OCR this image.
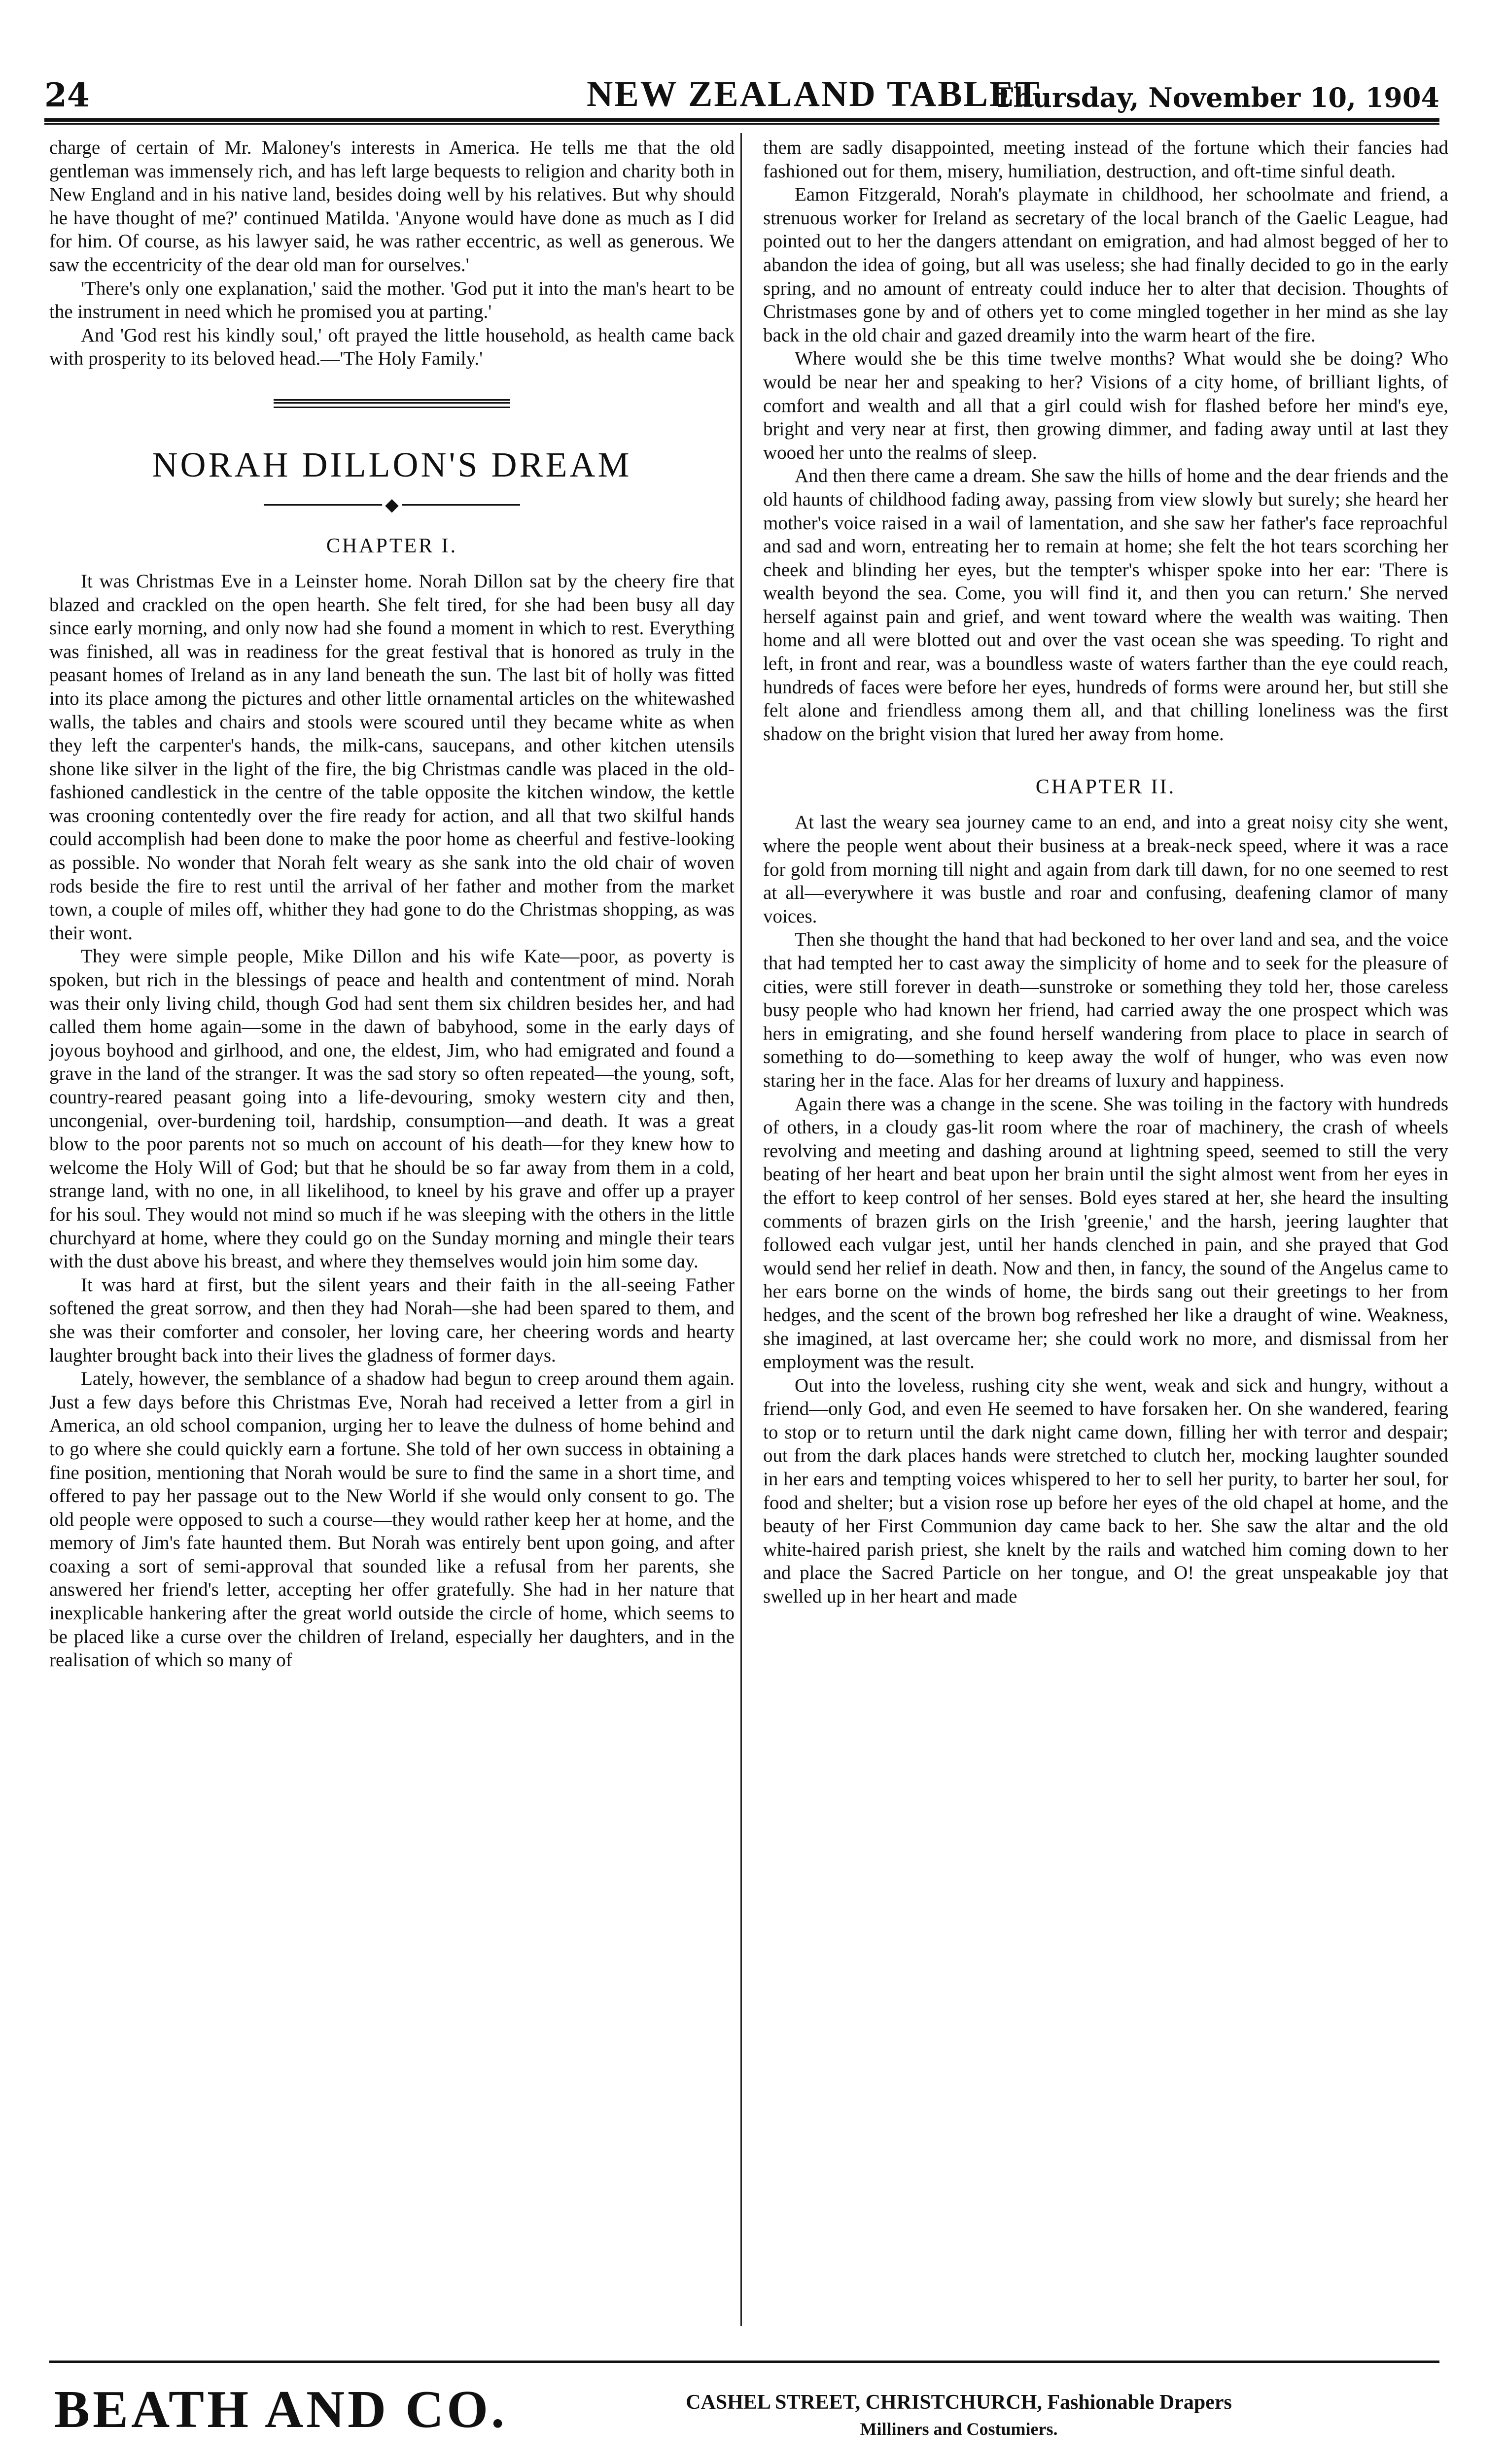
24	NEW ZEALAND TABLET
Thursday, November 10, 1904

charge of certain of Mr. Maloney's interests in America. He tells me that the old gentleman was immensely rich, and has left large bequests to religion and charity both in New England and in his native land, besides doing well by his relatives. But why should he have thought of me?' continued Matilda. 'Anyone would have done as much as I did for him. Of course, as his lawyer said, he was rather eccentric, as well as generous. We saw the eccentricity of the dear old man for ourselves.'

'There's only one explanation,' said the mother. 'God put it into the man's heart to be the instrument in need which he promised you at parting.'

And 'God rest his kindly soul,' oft prayed the little household, as health came back with prosperity to its beloved head.—'The Holy Family.'

NORAH DILLON'S DREAM
◆
CHAPTER I.

It was Christmas Eve in a Leinster home. Norah Dillon sat by the cheery fire that blazed and crackled on the open hearth. She felt tired, for she had been busy all day since early morning, and only now had she found a moment in which to rest. Everything was finished, all was in readiness for the great festival that is honored as truly in the peasant homes of Ireland as in any land beneath the sun. The last bit of holly was fitted into its place among the pictures and other little ornamental articles on the whitewashed walls, the tables and chairs and stools were scoured until they became white as when they left the carpenter's hands, the milk-cans, saucepans, and other kitchen utensils shone like silver in the light of the fire, the big Christmas candle was placed in the old-fashioned candlestick in the centre of the table opposite the kitchen window, the kettle was crooning contentedly over the fire ready for action, and all that two skilful hands could accomplish had been done to make the poor home as cheerful and festive-looking as possible. No wonder that Norah felt weary as she sank into the old chair of woven rods beside the fire to rest until the arrival of her father and mother from the market town, a couple of miles off, whither they had gone to do the Christmas shopping, as was their wont.

They were simple people, Mike Dillon and his wife Kate—poor, as poverty is spoken, but rich in the blessings of peace and health and contentment of mind. Norah was their only living child, though God had sent them six children besides her, and had called them home again—some in the dawn of babyhood, some in the early days of joyous boyhood and girlhood, and one, the eldest, Jim, who had emigrated and found a grave in the land of the stranger. It was the sad story so often repeated—the young, soft, country-reared peasant going into a life-devouring, smoky western city and then, uncongenial, over-burdening toil, hardship, consumption—and death. It was a great blow to the poor parents not so much on account of his death—for they knew how to welcome the Holy Will of God; but that he should be so far away from them in a cold, strange land, with no one, in all likelihood, to kneel by his grave and offer up a prayer for his soul. They would not mind so much if he was sleeping with the others in the little churchyard at home, where they could go on the Sunday morning and mingle their tears with the dust above his breast, and where they themselves would join him some day.

It was hard at first, but the silent years and their faith in the all-seeing Father softened the great sorrow, and then they had Norah—she had been spared to them, and she was their comforter and consoler, her loving care, her cheering words and hearty laughter brought back into their lives the gladness of former days.

Lately, however, the semblance of a shadow had begun to creep around them again. Just a few days before this Christmas Eve, Norah had received a letter from a girl in America, an old school companion, urging her to leave the dulness of home behind and to go where she could quickly earn a fortune. She told of her own success in obtaining a fine position, mentioning that Norah would be sure to find the same in a short time, and offered to pay her passage out to the New World if she would only consent to go. The old people were opposed to such a course—they would rather keep her at home, and the memory of Jim's fate haunted them. But Norah was entirely bent upon going, and after coaxing a sort of semi-approval that sounded like a refusal from her parents, she answered her friend's letter, accepting her offer gratefully. She had in her nature that inexplicable hankering after the great world outside the circle of home, which seems to be placed like a curse over the children of Ireland, especially her daughters, and in the realisation of which so many of

them are sadly disappointed, meeting instead of the fortune which their fancies had fashioned out for them, misery, humiliation, destruction, and oft-time sinful death.

Eamon Fitzgerald, Norah's playmate in childhood, her schoolmate and friend, a strenuous worker for Ireland as secretary of the local branch of the Gaelic League, had pointed out to her the dangers attendant on emigration, and had almost begged of her to abandon the idea of going, but all was useless; she had finally decided to go in the early spring, and no amount of entreaty could induce her to alter that decision. Thoughts of Christmases gone by and of others yet to come mingled together in her mind as she lay back in the old chair and gazed dreamily into the warm heart of the fire.

Where would she be this time twelve months? What would she be doing? Who would be near her and speaking to her? Visions of a city home, of brilliant lights, of comfort and wealth and all that a girl could wish for flashed before her mind's eye, bright and very near at first, then growing dimmer, and fading away until at last they wooed her unto the realms of sleep.

And then there came a dream. She saw the hills of home and the dear friends and the old haunts of childhood fading away, passing from view slowly but surely; she heard her mother's voice raised in a wail of lamentation, and she saw her father's face reproachful and sad and worn, entreating her to remain at home; she felt the hot tears scorching her cheek and blinding her eyes, but the tempter's whisper spoke into her ear: 'There is wealth beyond the sea. Come, you will find it, and then you can return.' She nerved herself against pain and grief, and went toward where the wealth was waiting. Then home and all were blotted out and over the vast ocean she was speeding. To right and left, in front and rear, was a boundless waste of waters farther than the eye could reach, hundreds of faces were before her eyes, hundreds of forms were around her, but still she felt alone and friendless among them all, and that chilling loneliness was the first shadow on the bright vision that lured her away from home.

CHAPTER II.

At last the weary sea journey came to an end, and into a great noisy city she went, where the people went about their business at a break-neck speed, where it was a race for gold from morning till night and again from dark till dawn, for no one seemed to rest at all—everywhere it was bustle and roar and confusing, deafening clamor of many voices.

Then she thought the hand that had beckoned to her over land and sea, and the voice that had tempted her to cast away the simplicity of home and to seek for the pleasure of cities, were still forever in death—sunstroke or something they told her, those careless busy people who had known her friend, had carried away the one prospect which was hers in emigrating, and she found herself wandering from place to place in search of something to do—something to keep away the wolf of hunger, who was even now staring her in the face. Alas for her dreams of luxury and happiness.

Again there was a change in the scene. She was toiling in the factory with hundreds of others, in a cloudy gas-lit room where the roar of machinery, the crash of wheels revolving and meeting and dashing around at lightning speed, seemed to still the very beating of her heart and beat upon her brain until the sight almost went from her eyes in the effort to keep control of her senses. Bold eyes stared at her, she heard the insulting comments of brazen girls on the Irish 'greenie,' and the harsh, jeering laughter that followed each vulgar jest, until her hands clenched in pain, and she prayed that God would send her relief in death. Now and then, in fancy, the sound of the Angelus came to her ears borne on the winds of home, the birds sang out their greetings to her from hedges, and the scent of the brown bog refreshed her like a draught of wine. Weakness, she imagined, at last overcame her; she could work no more, and dismissal from her employment was the result.

Out into the loveless, rushing city she went, weak and sick and hungry, without a friend—only God, and even He seemed to have forsaken her. On she wandered, fearing to stop or to return until the dark night came down, filling her with terror and despair; out from the dark places hands were stretched to clutch her, mocking laughter sounded in her ears and tempting voices whispered to her to sell her purity, to barter her soul, for food and shelter; but a vision rose up before her eyes of the old chapel at home, and the beauty of her First Communion day came back to her. She saw the altar and the old white-haired parish priest, she knelt by the rails and watched him coming down to her and place the Sacred Particle on her tongue, and O! the great unspeakable joy that swelled up in her heart and made

BEATH AND CO.	CASHEL STREET, CHRISTCHURCH, Fashionable Drapers
Milliners and Costumiers.
